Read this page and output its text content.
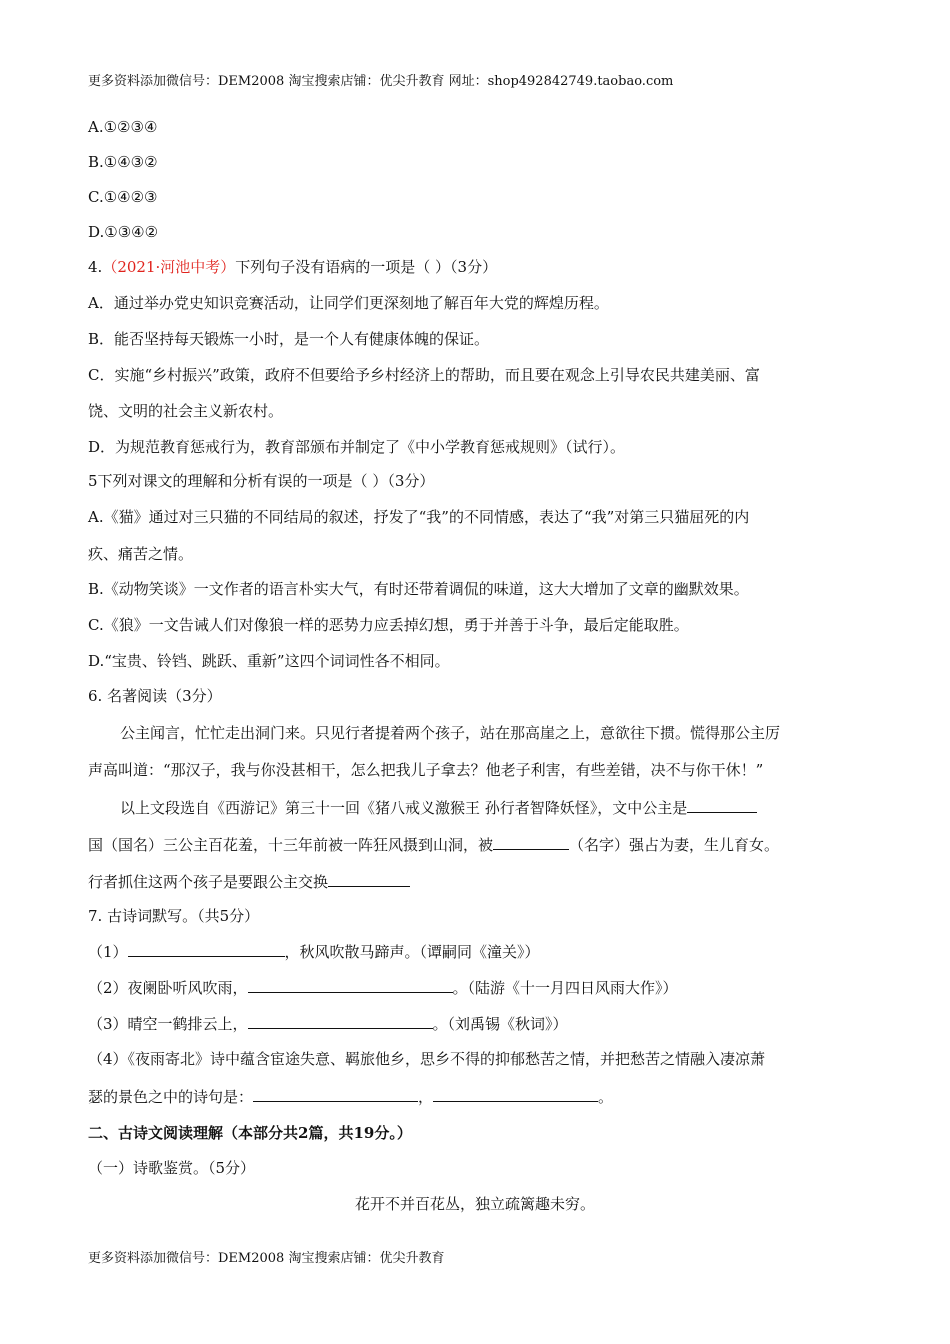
更多资料添加微信号：DEM2008 淘宝搜索店铺：优尖升教育 网址：shop492842749.taobao.com
A.①②③④
B.①④③②
C.①④②③
D.①③④②
4.（2021·河池中考）下列句子没有语病的一项是（ ）（3分）
A．通过举办党史知识竞赛活动，让同学们更深刻地了解百年大党的辉煌历程。
B．能否坚持每天锻炼一小时，是一个人有健康体魄的保证。
C．实施“乡村振兴”政策，政府不但要给予乡村经济上的帮助，而且要在观念上引导农民共建美丽、富
饶、文明的社会主义新农村。
D．为规范教育惩戒行为，教育部颁布并制定了《中小学教育惩戒规则》（试行）。
5下列对课文的理解和分析有误的一项是（ ）（3分）
A.《猫》通过对三只猫的不同结局的叙述，抒发了“我”的不同情感，表达了“我”对第三只猫屈死的内
疚、痛苦之情。
B.《动物笑谈》一文作者的语言朴实大气，有时还带着调侃的味道，这大大增加了文章的幽默效果。
C.《狼》一文告诫人们对像狼一样的恶势力应丢掉幻想，勇于并善于斗争，最后定能取胜。
D.“宝贵、铃铛、跳跃、重新”这四个词词性各不相同。
6. 名著阅读（3分）
公主闻言，忙忙走出洞门来。只见行者提着两个孩子，站在那高崖之上，意欲往下掼。慌得那公主厉
声高叫道：“那汉子，我与你没甚相干，怎么把我儿子拿去？他老子利害，有些差错，决不与你干休！”
以上文段选自《西游记》第三十一回《猪八戒义激猴王 孙行者智降妖怪》，文中公主是
国（国名）三公主百花羞，十三年前被一阵狂风摄到山洞，被	（名字）强占为妻，生儿育女。
行者抓住这两个孩子是要跟公主交换
7. 古诗词默写。（共5分）
（1）	，秋风吹散马蹄声。（谭嗣同《潼关》）
（2）夜阑卧听风吹雨，	。（陆游《十一月四日风雨大作》）
（3）晴空一鹤排云上，	。（刘禹锡《秋词》）
（4）《夜雨寄北》诗中蕴含宦途失意、羁旅他乡，思乡不得的抑郁愁苦之情，并把愁苦之情融入凄凉萧
瑟的景色之中的诗句是：	，	。
二、古诗文阅读理解（本部分共2篇，共19分。）
（一）诗歌鉴赏。（5分）
花开不并百花丛，独立疏篱趣未穷。
更多资料添加微信号：DEM2008 淘宝搜索店铺：优尖升教育
